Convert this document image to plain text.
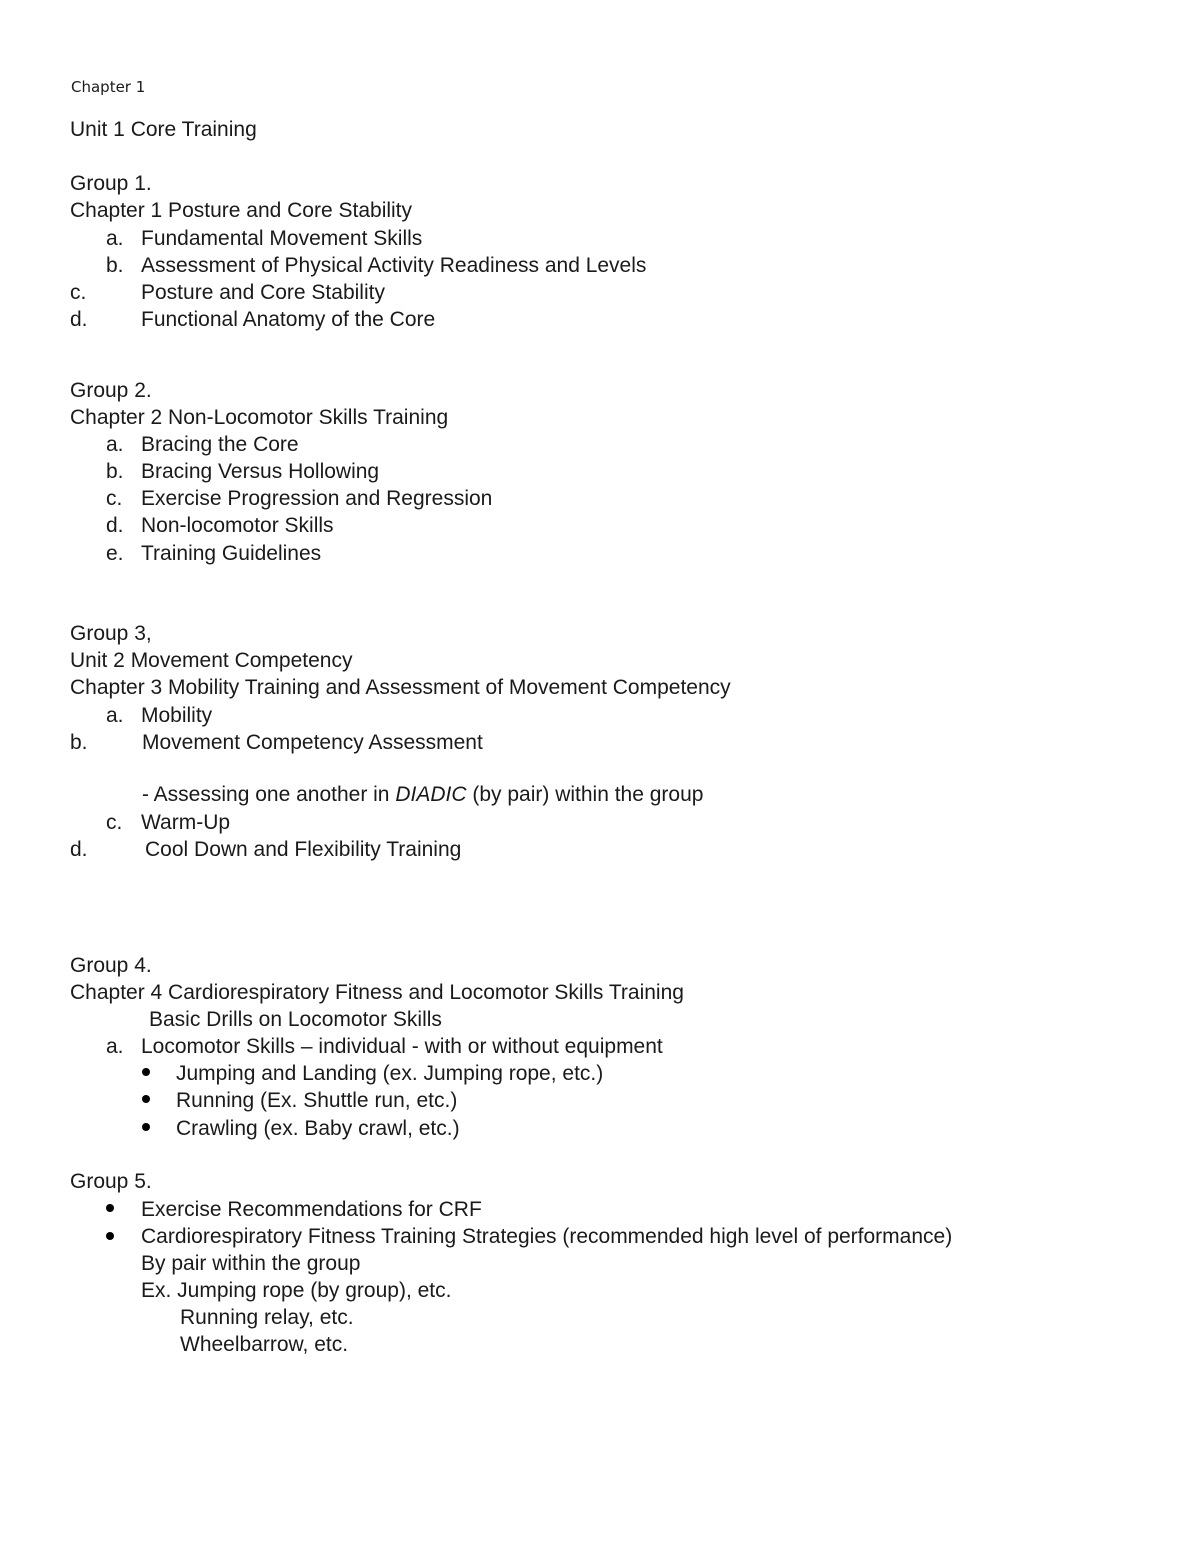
Chapter 1
Unit 1 Core Training
Group 1.
Chapter 1 Posture and Core Stability
a. Fundamental Movement Skills
b. Assessment of Physical Activity Readiness and Levels
c.	Posture and Core Stability
d.	Functional Anatomy of the Core
Group 2.
Chapter 2 Non-Locomotor Skills Training
a. Bracing the Core
b. Bracing Versus Hollowing
c. Exercise Progression and Regression
d. Non-locomotor Skills
e. Training Guidelines
Group 3,
Unit 2 Movement Competency
Chapter 3 Mobility Training and Assessment of Movement Competency
a. Mobility
b.	Movement Competency Assessment
- Assessing one another in DIADIC (by pair) within the group
c. Warm-Up
d.	Cool Down and Flexibility Training
Group 4.
Chapter 4 Cardiorespiratory Fitness and Locomotor Skills Training
Basic Drills on Locomotor Skills
a. Locomotor Skills – individual - with or without equipment
Jumping and Landing (ex. Jumping rope, etc.)
Running (Ex. Shuttle run, etc.)
Crawling (ex. Baby crawl, etc.)
Group 5.
Exercise Recommendations for CRF
Cardiorespiratory Fitness Training Strategies (recommended high level of performance)
By pair within the group
Ex. Jumping rope (by group), etc.
Running relay, etc.
Wheelbarrow, etc.
